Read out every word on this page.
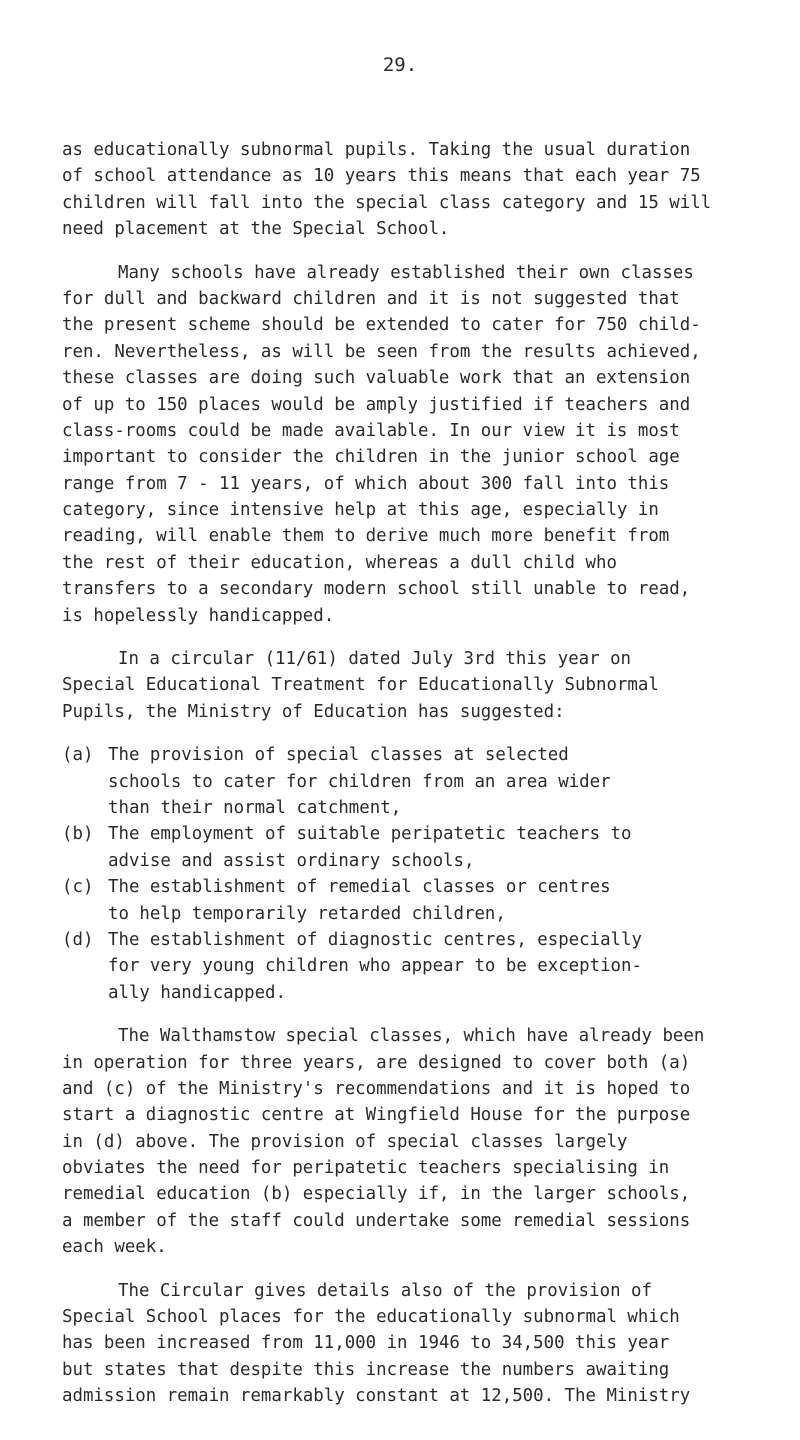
29.
as educationally subnormal pupils. Taking the usual duration
of school attendance as 10 years this means that each year 75
children will fall into the special class category and 15 will
need placement at the Special School.
Many schools have already established their own classes
for dull and backward children and it is not suggested that
the present scheme should be extended to cater for 750 child-
ren. Nevertheless, as will be seen from the results achieved,
these classes are doing such valuable work that an extension
of up to 150 places would be amply justified if teachers and
class-rooms could be made available. In our view it is most
important to consider the children in the junior school age
range from 7 - 11 years, of which about 300 fall into this
category, since intensive help at this age, especially in
reading, will enable them to derive much more benefit from
the rest of their education, whereas a dull child who
transfers to a secondary modern school still unable to read,
is hopelessly handicapped.
In a circular (11/61) dated July 3rd this year on
Special Educational Treatment for Educationally Subnormal
Pupils, the Ministry of Education has suggested:
(a) The provision of special classes at selected
schools to cater for children from an area wider
than their normal catchment,
(b) The employment of suitable peripatetic teachers to
advise and assist ordinary schools,
(c) The establishment of remedial classes or centres
to help temporarily retarded children,
(d) The establishment of diagnostic centres, especially
for very young children who appear to be exception-
ally handicapped.
The Walthamstow special classes, which have already been
in operation for three years, are designed to cover both (a)
and (c) of the Ministry's recommendations and it is hoped to
start a diagnostic centre at Wingfield House for the purpose
in (d) above. The provision of special classes largely
obviates the need for peripatetic teachers specialising in
remedial education (b) especially if, in the larger schools,
a member of the staff could undertake some remedial sessions
each week.
The Circular gives details also of the provision of
Special School places for the educationally subnormal which
has been increased from 11,000 in 1946 to 34,500 this year
but states that despite this increase the numbers awaiting
admission remain remarkably constant at 12,500. The Ministry
